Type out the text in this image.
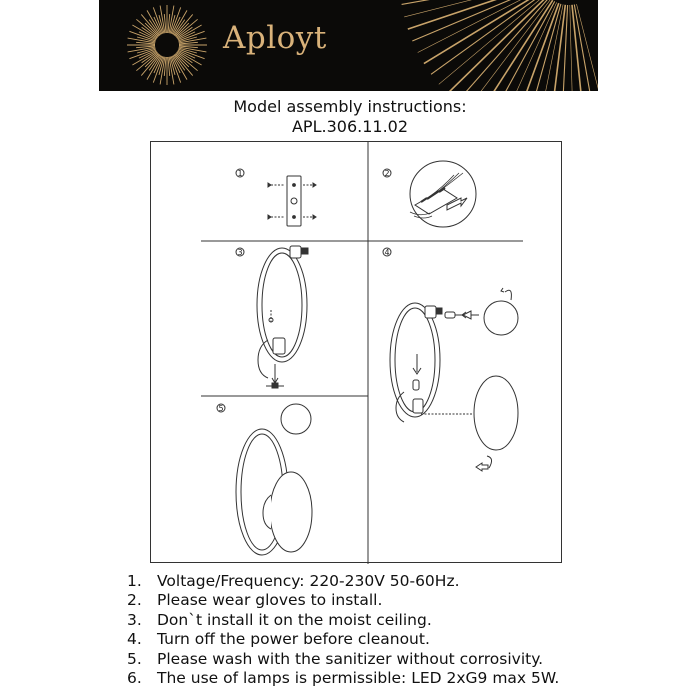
Aployt
Model assembly instructions:
APL.306.11.02
1	2
3	4
5
1. Voltage/Frequency: 220-230V 50-60Hz.
2. Please wear gloves to install.
3. Don`t install it on the moist ceiling.
4. Turn off the power before cleanout.
5. Please wash with the sanitizer without corrosivity.
6. The use of lamps is permissible: LED 2xG9 max 5W.
